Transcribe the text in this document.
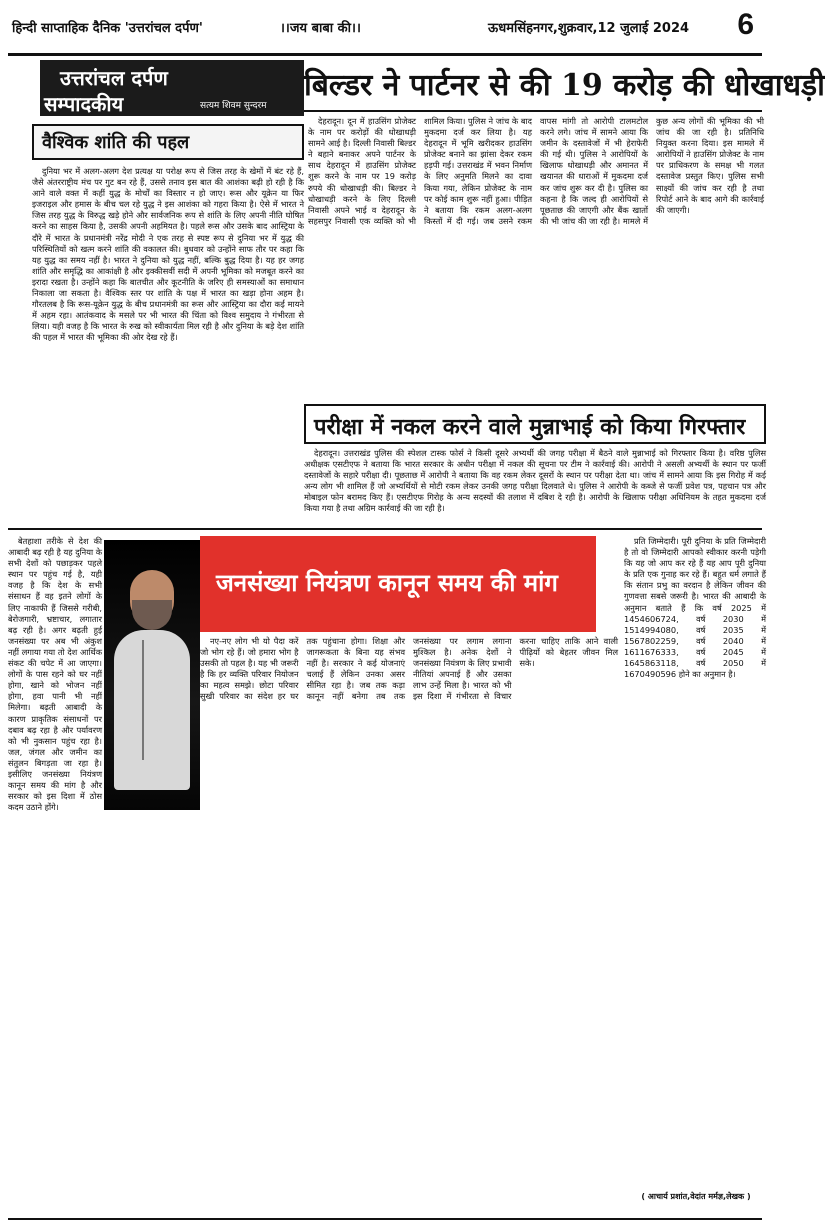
हिन्दी साप्ताहिक दैनिक 'उत्तरांचल दर्पण'	।।जय बाबा की।।	ऊधमसिंहनगर,शुक्रवार,12 जुलाई 2024 6
उत्तरांचल दर्पण
सम्पादकीय	सत्यम शिवम सुन्दरम
वैश्विक शांति की पहल

दुनिया भर में अलग-अलग देश प्रत्यक्ष या परोक्ष रूप से जिस तरह के खेमों में बंट रहे हैं, जैसे अंतरराष्ट्रीय मंच पर गुट बन रहे हैं, उससे तनाव इस बात की आशंका बढ़ी हो रही है कि आने वाले वक्त में कहीं युद्ध के मोर्चों का विस्तार न हो जाए। रूस और यूक्रेन या फिर इजराइल और हमास के बीच चल रहे युद्ध ने इस आशंका को गहरा किया है। ऐसे में भारत ने जिस तरह युद्ध के विरुद्ध खड़े होने और सार्वजनिक रूप से शांति के लिए अपनी नीति घोषित करने का साहस किया है, उसकी अपनी अहमियत है। पहले रूस और उसके बाद आस्ट्रिया के दौरे में भारत के प्रधानमंत्री नरेंद्र मोदी ने एक तरह से स्पष्ट रूप से दुनिया भर में युद्ध की परिस्थितियों को खत्म करने शांति की वकालत की। बुधवार को उन्होंने साफ तौर पर कहा कि यह युद्ध का समय नहीं है। भारत ने दुनिया को युद्ध नहीं, बल्कि बुद्ध दिया है। यह हर जगह शांति और समृद्धि का आकांक्षी है और इक्कीसवीं सदी में अपनी भूमिका को मजबूत करने का इरादा रखता है। उन्होंने कहा कि बातचीत और कूटनीति के जरिए ही समस्याओं का समाधान निकाला जा सकता है। वैश्विक स्तर पर शांति के पक्ष में भारत का खड़ा होना अहम है। गौरतलब है कि रूस-यूक्रेन युद्ध के बीच प्रधानमंत्री का रूस और आस्ट्रिया का दौरा कई मायने में अहम रहा। आतंकवाद के मसले पर भी भारत की चिंता को विश्व समुदाय ने गंभीरता से लिया। यही वजह है कि भारत के रुख को स्वीकार्यता मिल रही है और दुनिया के बड़े देश शांति की पहल में भारत की भूमिका की ओर देख रहे हैं।

बिल्डर ने पार्टनर से की 19 करोड़ की धोखाधड़ी

देहरादून। दून में हाउसिंग प्रोजेक्ट के नाम पर करोड़ों की धोखाधड़ी सामने आई है। दिल्ली निवासी बिल्डर ने बहाने बनाकर अपने पार्टनर के साथ देहरादून में हाउसिंग प्रोजेक्ट शुरू करने के नाम पर 19 करोड़ रुपये की धोखाधड़ी की। बिल्डर ने धोखाधड़ी करने के लिए दिल्ली निवासी अपने भाई व देहरादून के सहसपुर निवासी एक व्यक्ति को भी शामिल किया। पुलिस ने जांच के बाद मुकदमा दर्ज कर लिया है। यह देहरादून में भूमि खरीदकर हाउसिंग प्रोजेक्ट बनाने का झांसा देकर रकम हड़पी गई। उत्तराखंड में भवन निर्माण के लिए अनुमति मिलने का दावा किया गया, लेकिन प्रोजेक्ट के नाम पर कोई काम शुरू नहीं हुआ। पीड़ित ने बताया कि रकम अलग-अलग किस्तों में दी गई। जब उसने रकम वापस मांगी तो आरोपी टालमटोल करने लगे। जांच में सामने आया कि जमीन के दस्तावेजों में भी हेराफेरी की गई थी। पुलिस ने आरोपियों के खिलाफ धोखाधड़ी और अमानत में खयानत की धाराओं में मुकदमा दर्ज कर जांच शुरू कर दी है। पुलिस का कहना है कि जल्द ही आरोपियों से पूछताछ की जाएगी और बैंक खातों की भी जांच की जा रही है। मामले में कुछ अन्य लोगों की भूमिका की भी जांच की जा रही है। प्रतिनिधि नियुक्त करना दिया। इस मामले में आरोपियों ने हाउसिंग प्रोजेक्ट के नाम पर प्राधिकरण के समक्ष भी गलत दस्तावेज प्रस्तुत किए। पुलिस सभी साक्ष्यों की जांच कर रही है तथा रिपोर्ट आने के बाद आगे की कार्रवाई की जाएगी।

परीक्षा में नकल करने वाले मुन्नाभाई को किया गिरफ्तार

देहरादून। उत्तराखंड पुलिस की स्पेशल टास्क फोर्स ने किसी दूसरे अभ्यर्थी की जगह परीक्षा में बैठने वाले मुन्नाभाई को गिरफ्तार किया है। वरिष्ठ पुलिस अधीक्षक एसटीएफ ने बताया कि भारत सरकार के अधीन परीक्षा में नकल की सूचना पर टीम ने कार्रवाई की। आरोपी ने असली अभ्यर्थी के स्थान पर फर्जी दस्तावेजों के सहारे परीक्षा दी। पूछताछ में आरोपी ने बताया कि वह रकम लेकर दूसरों के स्थान पर परीक्षा देता था। जांच में सामने आया कि इस गिरोह में कई अन्य लोग भी शामिल हैं जो अभ्यर्थियों से मोटी रकम लेकर उनकी जगह परीक्षा दिलवाते थे। पुलिस ने आरोपी के कब्जे से फर्जी प्रवेश पत्र, पहचान पत्र और मोबाइल फोन बरामद किए हैं। एसटीएफ गिरोह के अन्य सदस्यों की तलाश में दबिश दे रही है। आरोपी के खिलाफ परीक्षा अधिनियम के तहत मुकदमा दर्ज किया गया है तथा अग्रिम कार्रवाई की जा रही है।

जनसंख्या नियंत्रण कानून समय की मांग

बेतहाशा तरीके से देश की आबादी बढ़ रही है यह दुनिया के सभी देशों को पछाड़कर पहले स्थान पर पहुंच गई है, यही वजह है कि देश के सभी संसाधन हैं वह इतने लोगों के लिए नाकाफी हैं जिससे गरीबी, बेरोजगारी, भ्रष्टाचार, लगातार बढ़ रही है। अगर बढ़ती हुई जनसंख्या पर अब भी अंकुश नहीं लगाया गया तो देश आर्थिक संकट की चपेट में आ जाएगा। लोगों के पास रहने को घर नहीं होगा, खाने को भोजन नहीं होगा, हवा पानी भी नहीं मिलेगा। बढ़ती आबादी के कारण प्राकृतिक संसाधनों पर दबाव बढ़ रहा है और पर्यावरण को भी नुकसान पहुंच रहा है। जल, जंगल और जमीन का संतुलन बिगड़ता जा रहा है। इसीलिए जनसंख्या नियंत्रण कानून समय की मांग है और सरकार को इस दिशा में ठोस कदम उठाने होंगे।

नए-नए लोग भी यो पैदा करें जो भोग रहे हैं। जो हमारा भोग है उसकी तो पहल है। यह भी जरूरी है कि हर व्यक्ति परिवार नियोजन का महत्व समझे। छोटा परिवार सुखी परिवार का संदेश हर घर तक पहुंचाना होगा। शिक्षा और जागरूकता के बिना यह संभव नहीं है। सरकार ने कई योजनाएं चलाई हैं लेकिन उनका असर सीमित रहा है। जब तक कड़ा कानून नहीं बनेगा तब तक जनसंख्या पर लगाम लगाना मुश्किल है। अनेक देशों ने जनसंख्या नियंत्रण के लिए प्रभावी नीतियां अपनाई हैं और उसका लाभ उन्हें मिला है। भारत को भी इस दिशा में गंभीरता से विचार करना चाहिए ताकि आने वाली पीढ़ियों को बेहतर जीवन मिल सके।

प्रति जिम्मेदारी। पूरी दुनिया के प्रति जिम्मेदारी है तो वो जिम्मेदारी आपको स्वीकार करनी पड़ेगी कि यह जो आप कर रहे हैं यह आप पूरी दुनिया के प्रति एक गुनाह कर रहे हैं। बहुत धर्म लगाते हैं कि संतान प्रभु का वरदान है लेकिन जीवन की गुणवत्ता सबसे जरूरी है। भारत की आबादी के अनुमान बताते हैं कि वर्ष 2025 में 1454606724, वर्ष 2030 में 1514994080, वर्ष 2035 में 1567802259, वर्ष 2040 में 1611676333, वर्ष 2045 में 1645863118, वर्ष 2050 में 1670490596 होने का अनुमान है।

( आचार्य प्रशांत,वेदांत मर्मज्ञ,लेखक )
